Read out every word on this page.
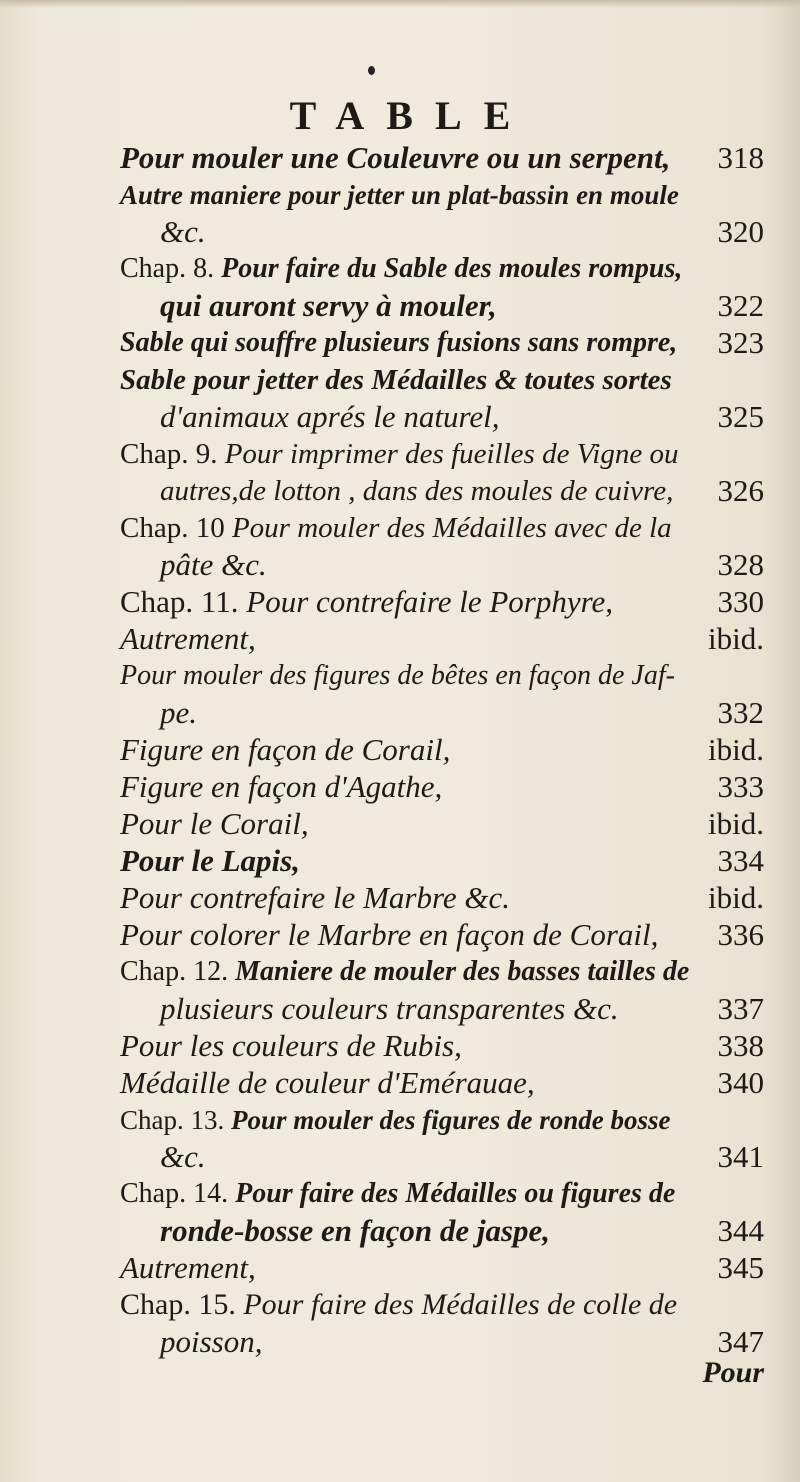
TABLE
Pour mouler une Couleuvre ou un serpent, 318
Autre maniere pour jetter un plat-bassin en moule
&c.	320
Chap. 8. Pour faire du Sable des moules rompus,
qui auront servy à mouler,	322
Sable qui souffre plusieurs fusions sans rompre, 323
Sable pour jetter des Médailles & toutes sortes
d'animaux aprés le naturel,	325
Chap. 9. Pour imprimer des fueilles de Vigne ou
autres,de lotton , dans des moules de cuivre, 326
Chap. 10 Pour mouler des Médailles avec de la
pâte &c.	328
Chap. 11. Pour contrefaire le Porphyre,	330
Autrement,	ibid.
Pour mouler des figures de bêtes en façon de Jaf-
pe.	332
Figure en façon de Corail,	ibid.
Figure en façon d'Agathe,	333
Pour le Corail,	ibid.
Pour le Lapis,	334
Pour contrefaire le Marbre &c.	ibid.
Pour colorer le Marbre en façon de Corail, 336
Chap. 12. Maniere de mouler des basses tailles de
plusieurs couleurs transparentes &c.	337
Pour les couleurs de Rubis,	338
Médaille de couleur d'Emérauae,	340
Chap. 13. Pour mouler des figures de ronde bosse
&c.	341
Chap. 14. Pour faire des Médailles ou figures de
ronde-bosse en façon de jaspe,	344
Autrement,	345
Chap. 15. Pour faire des Médailles de colle de
poisson,	347
Pour
